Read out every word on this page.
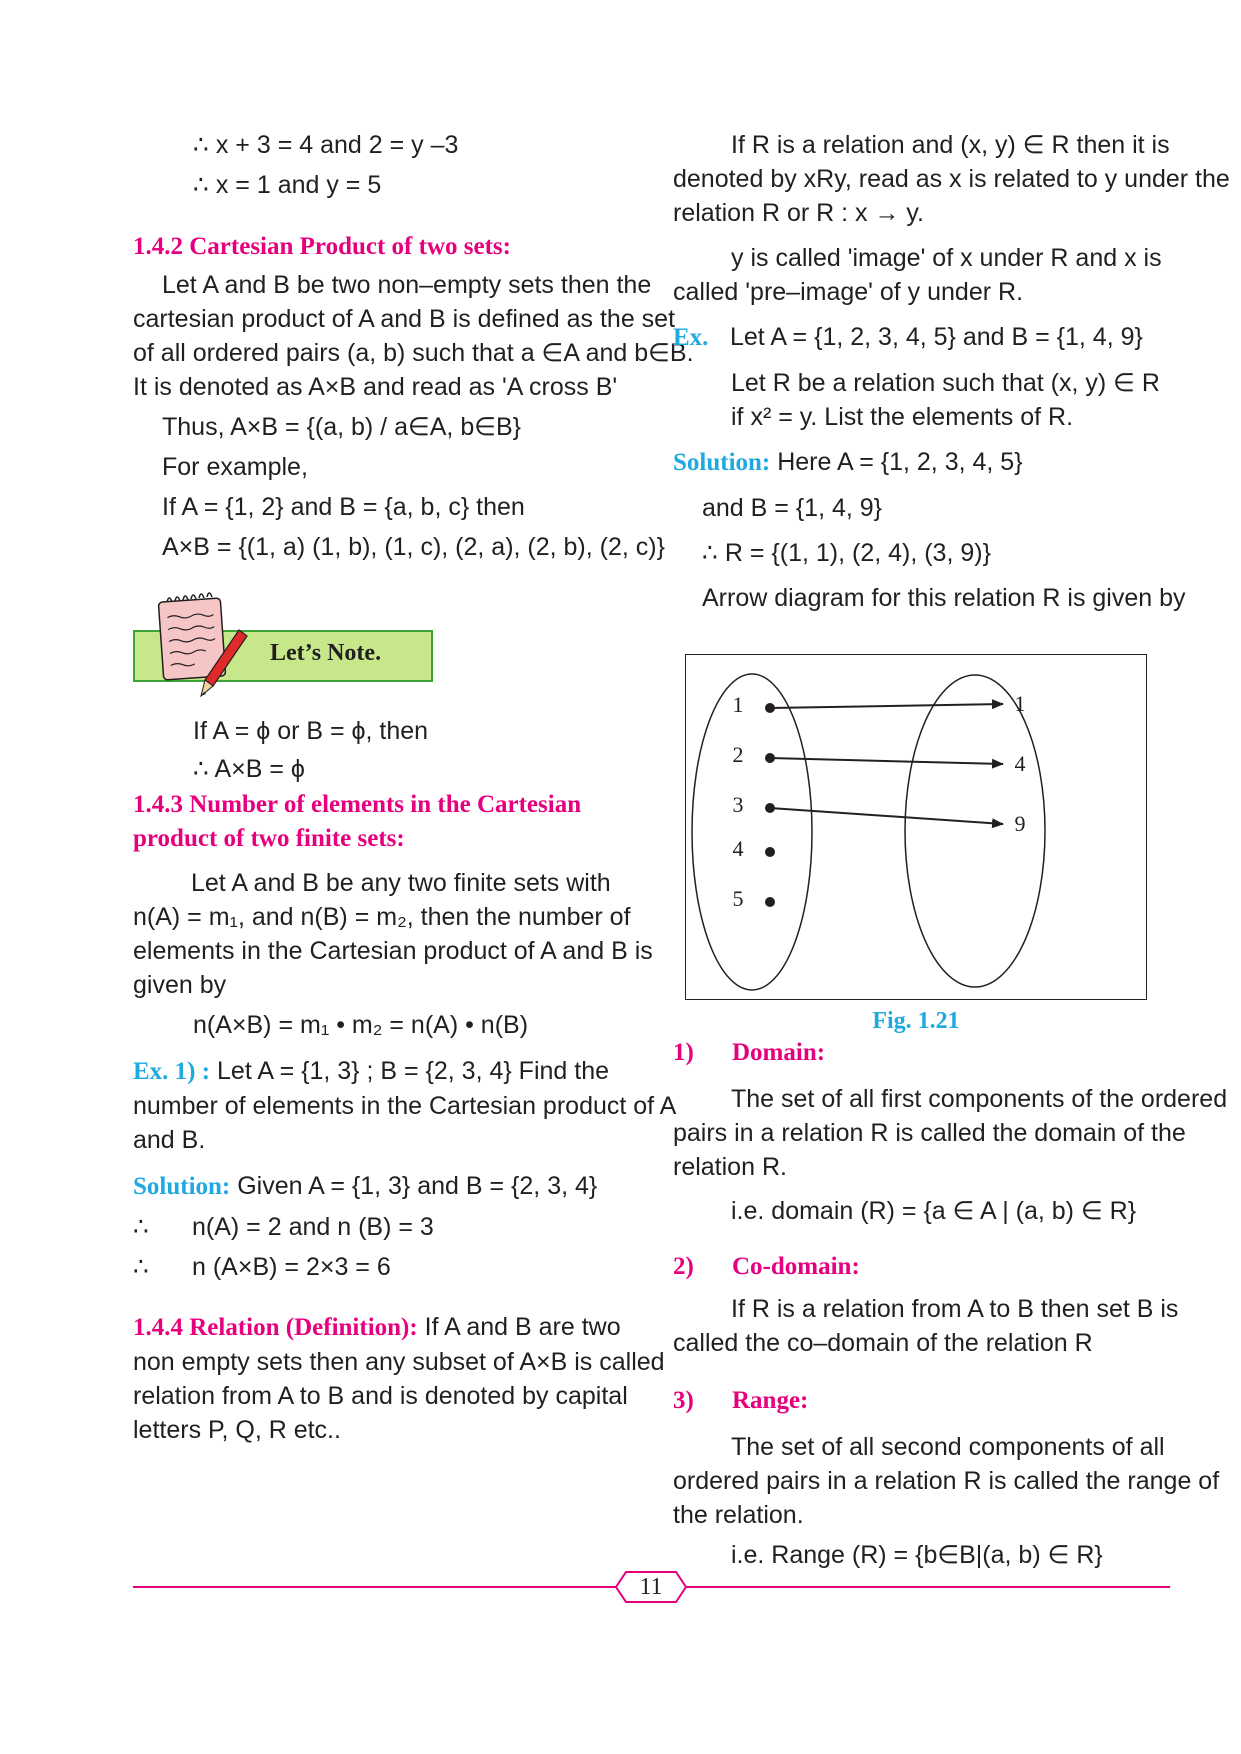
∴ x + 3 = 4 and 2 = y –3

∴ x = 1 and y = 5

1.4.2 Cartesian Product of two sets:

Let A and B be two non–empty sets then the

cartesian product of A and B is defined as the set

of all ordered pairs (a, b) such that a ∈A and b∈B.

It is denoted as A×B and read as 'A cross B'

Thus, A×B = {(a, b) / a∈A, b∈B}

For example,

If A = {1, 2} and B = {a, b, c} then

A×B = {(1, a) (1, b), (1, c), (2, a), (2, b), (2, c)}

If A = ϕ or B = ϕ, then

∴ A×B = ϕ

1.4.3 Number of elements in the Cartesian
product of two finite sets:

Let A and B be any two finite sets with

n(A) = m₁, and n(B) = m₂, then the number of

elements in the Cartesian product of A and B is

given by

n(A×B) = m₁ • m₂ = n(A) • n(B)

Ex. 1) : Let A = {1, 3} ; B = {2, 3, 4} Find the

number of elements in the Cartesian product of A

and B.

Solution: Given A = {1, 3} and B = {2, 3, 4}

∴	n(A) = 2 and n (B) = 3
∴	n (A×B) = 2×3 = 6

1.4.4 Relation (Definition): If A and B are two

non empty sets then any subset of A×B is called

relation from A to B and is denoted by capital

letters P, Q, R etc..

Let’s Note.

If R is a relation and (x, y) ∈ R then it is

denoted by xRy, read as x is related to y under the

relation R or R : x → y.

y is called 'image' of x under R and x is

called 'pre–image' of y under R.

Ex. Let A = {1, 2, 3, 4, 5} and B = {1, 4, 9}

Let R be a relation such that (x, y) ∈ R

if x² = y. List the elements of R.

Solution: Here A = {1, 2, 3, 4, 5}

and B = {1, 4, 9}

∴ R = {(1, 1), (2, 4), (3, 9)}

Arrow diagram for this relation R is given by

1
2
3
4
5
1
4
9
Fig. 1.21

1) Domain:

The set of all first components of the ordered

pairs in a relation R is called the domain of the

relation R.

i.e. domain (R) = {a ∈ A | (a, b) ∈ R}

2) Co-domain:

If R is a relation from A to B then set B is

called the co–domain of the relation R

3) Range:

The set of all second components of all

ordered pairs in a relation R is called the range of

the relation.

i.e. Range (R) = {b∈B|(a, b) ∈ R}

11
